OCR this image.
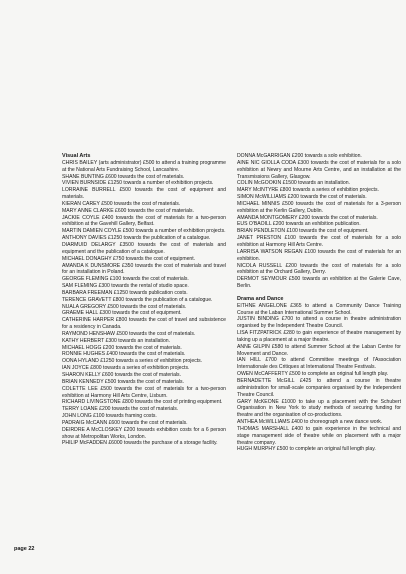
Visual Arts

CHRIS BAILEY (arts administrator) £500 to attend a training programme at the National Arts Fundraising School, Lancashire.

SHANE BUNTING £600 towards the cost of materials.

VIVIEN BURNSIDE £1250 towards a number of exhibition projects.

LORRAINE BURRELL £500 towards the cost of equipment and materials.

KIERAN CAREY £500 towards the cost of materials.

MARY ANNE CLARKE £600 towards the cost of materials.

JACKIE COYLE £400 towards the cost of materials for a two-person exhibition at the Gavehill Gallery, Belfast.

MARTIN DAMIEN COYLE £500 towards a number of exhibition projects.

ANTHONY DAVIES £1250 towards the publication of a catalogue.

DIARMUID DELARGY £3500 towards the cost of materials and equipment and the publication of a catalogue.

MICHAEL DONAGHY £750 towards the cost of equipment.

AMANDA K DUNSMORE £350 towards the cost of materials and travel for an installation in Poland.

GEORGE FLEMING £100 towards the cost of materials.

SAM FLEMING £300 towards the rental of studio space.

BARBARA FREEMAN £1250 towards publication costs.

TERENCE GRAVETT £800 towards the publication of a catalogue.

NUALA GREGORY £500 towards the cost of materials.

GRAEME HALL £300 towards the cost of equipment.

CATHERINE HARPER £800 towards the cost of travel and subsistence for a residency in Canada.

RAYMOND HENSHAW £500 towards the cost of materials.

KATHY HERBERT £300 towards an installation.

MICHAEL HOGG £200 towards the cost of materials.

RONNIE HUGHES £400 towards the cost of materials.

OONA HYLAND £1250 towards a series of exhibition projects.

IAN JOYCE £800 towards a series of exhibition projects.

SHARON KELLY £600 towards the cost of materials.

BRIAN KENNEDY £500 towards the cost of materials.

COLETTE LEE £500 towards the cost of materials for a two-person exhibition at Harmony Hill Arts Centre, Lisburn.

RICHARD LIVINGSTONE £800 towards the cost of printing equipment.

TERRY LOANE £200 towards the cost of materials.

JOHN LONG £100 towards framing costs.

PADRAIG McCANN £600 towards the cost of materials.

DEIRDRE A McCLOSKEY £200 towards exhibition costs for a 6 person show at Metropolitan Works, London.

PHILIP McFADDEN £6000 towards the purchase of a storage facility.

DONNA McGARRIGAN £200 towards a solo exhibition.

AINE NIC GIOLLA CODA £300 towards the cost of materials for a solo exhibition at Newry and Mourne Arts Centre, and an installation at the Transmissions Gallery, Glasgow.

COLIN McGOOKIN £1500 towards an installation.

MARY McINTYRE £800 towards a series of exhibition projects.

SIMON McWILLIAMS £200 towards the cost of materials.

MICHAEL MINNIS £500 towards the cost of materials for a 3-person exhibition at the Kerlin Gallery, Dublin.

AMANDA MONTGOMERY £200 towards the cost of materials.

EUS O'BAOILL £200 towards an exhibition publication.

BRIAN PENDLETON £100 towards the cost of equipment.

JANET PRESTON £100 towards the cost of materials for a solo exhibition at Harmony Hill Arts Centre.

LARRISA WATSON REGAN £100 towards the cost of materials for an exhibition.

NICOLA RUSSELL £200 towards the cost of materials for a solo exhibition at the Orchard Gallery, Derry.

DERMOT SEYMOUR £500 towards an exhibition at the Galerie Cave, Berlin.

Drama and Dance

EITHNE ANGELONE £365 to attend a Community Dance Training Course at the Laban International Summer School.

JUSTIN BINDING £700 to attend a course in theatre administration organised by the Independent Theatre Council.

LISA FITZPATRICK £280 to gain experience of theatre management by taking up a placement at a major theatre.

ANNE GILPIN £580 to attend Summer School at the Laban Centre for Movement and Dance.

IAN HILL £700 to attend Committee meetings of l'Association Internationale des Critiques at International Theatre Festivals.

OWEN McCAFFERTY £500 to complete an original full length play.

BERNADETTE McGILL £425 to attend a course in theatre administration for small-scale companies organised by the Independent Theatre Council.

GARY McKEONE £1000 to take up a placement with the Schubert Organisation in New York to study methods of securing funding for theatre and the organisation of co-productions.

ANTHEA McWILLIAMS £400 to choreograph a new dance work.

THOMAS MARSHALL £400 to gain experience in the technical and stage management side of theatre while on placement with a major theatre company.

HUGH MURPHY £500 to complete an original full length play.

page 22
